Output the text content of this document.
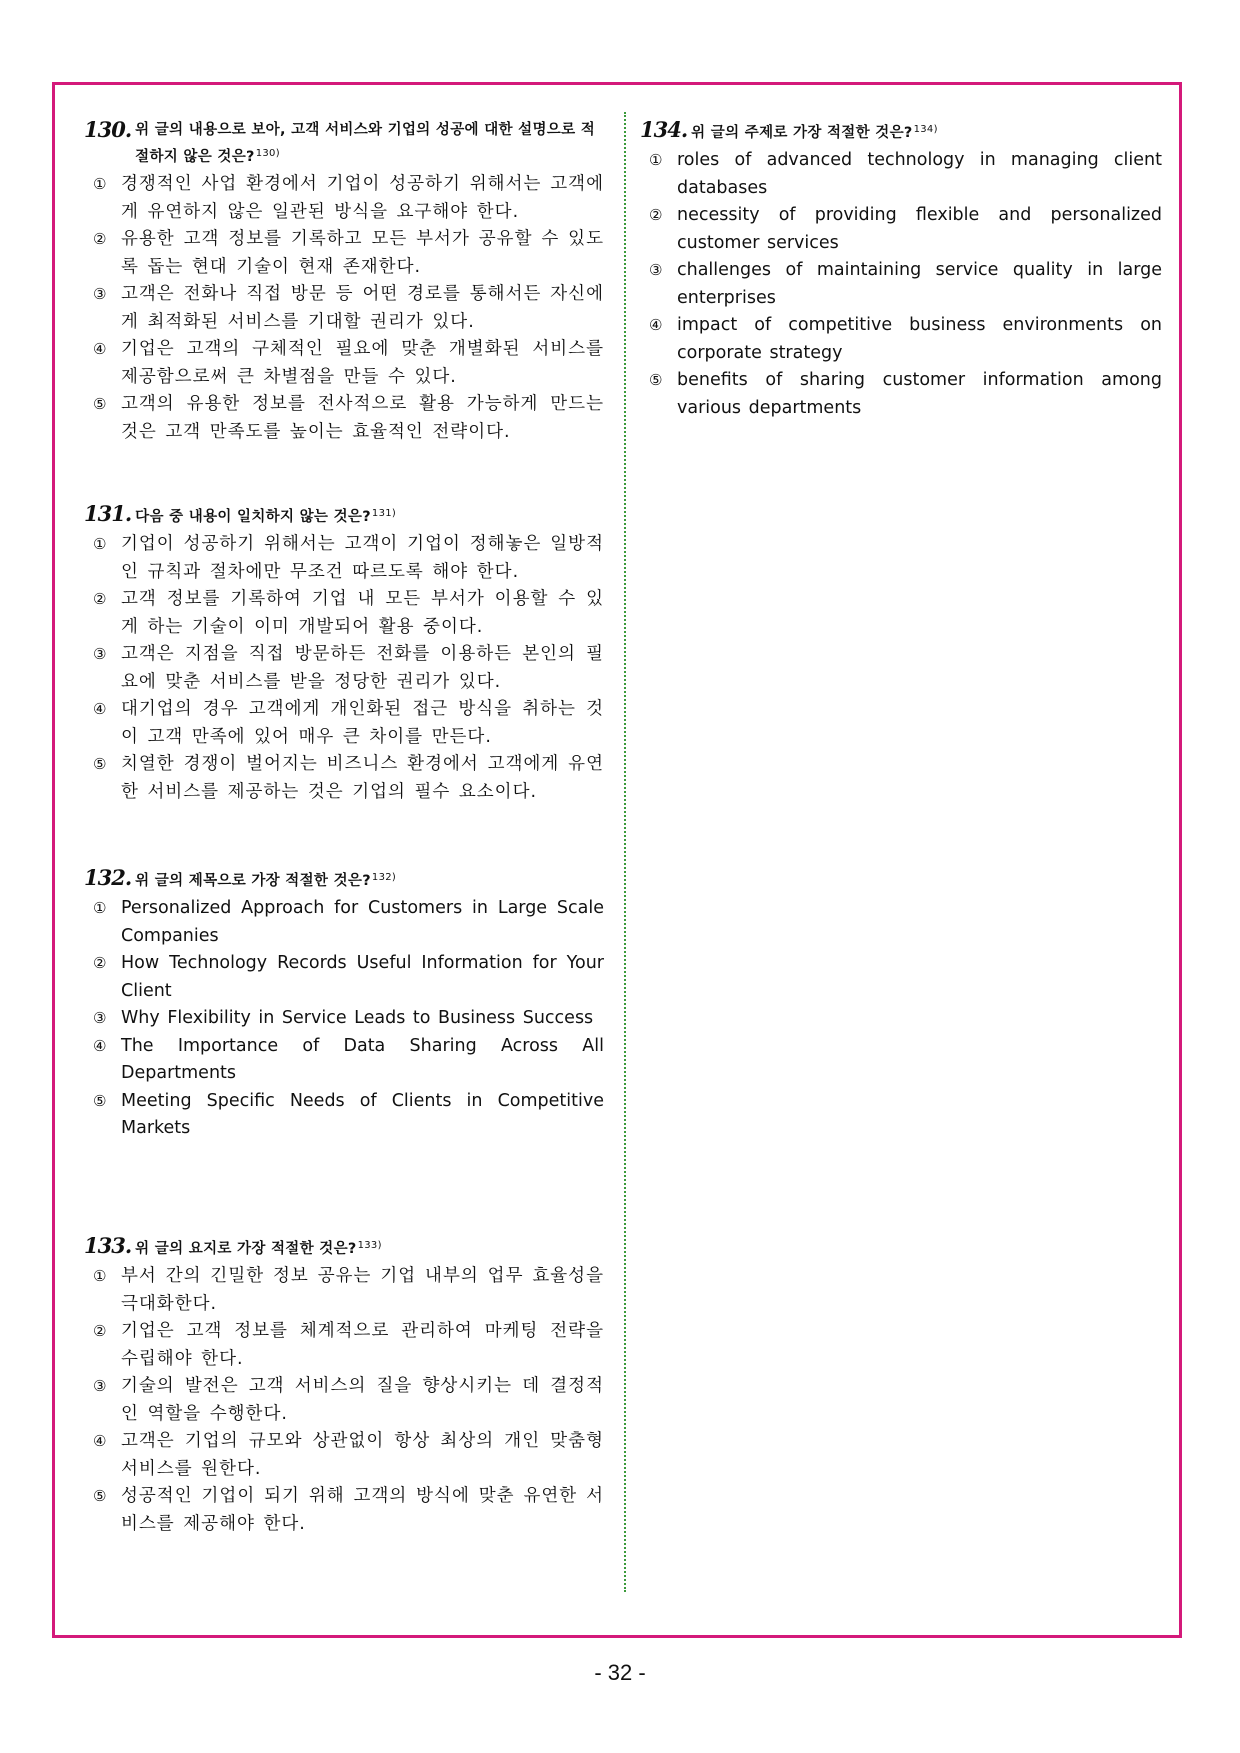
130. 위 글의 내용으로 보아, 고객 서비스와 기업의 성공에 대한 설명으로 적절하지 않은 것은?$^{130)}$
① 경쟁적인 사업 환경에서 기업이 성공하기 위해서는 고객에게 유연하지 않은 일관된 방식을 요구해야 한다.
② 유용한 고객 정보를 기록하고 모든 부서가 공유할 수 있도록 돕는 현대 기술이 현재 존재한다.
③ 고객은 전화나 직접 방문 등 어떤 경로를 통해서든 자신에게 최적화된 서비스를 기대할 권리가 있다.
④ 기업은 고객의 구체적인 필요에 맞춘 개별화된 서비스를 제공함으로써 큰 차별점을 만들 수 있다.
⑤ 고객의 유용한 정보를 전사적으로 활용 가능하게 만드는 것은 고객 만족도를 높이는 효율적인 전략이다.
131. 다음 중 내용이 일치하지 않는 것은?$^{131)}$
① 기업이 성공하기 위해서는 고객이 기업이 정해놓은 일방적인 규칙과 절차에만 무조건 따르도록 해야 한다.
② 고객 정보를 기록하여 기업 내 모든 부서가 이용할 수 있게 하는 기술이 이미 개발되어 활용 중이다.
③ 고객은 지점을 직접 방문하든 전화를 이용하든 본인의 필요에 맞춘 서비스를 받을 정당한 권리가 있다.
④ 대기업의 경우 고객에게 개인화된 접근 방식을 취하는 것이 고객 만족에 있어 매우 큰 차이를 만든다.
⑤ 치열한 경쟁이 벌어지는 비즈니스 환경에서 고객에게 유연한 서비스를 제공하는 것은 기업의 필수 요소이다.
132. 위 글의 제목으로 가장 적절한 것은?$^{132)}$
① Personalized Approach for Customers in Large Scale Companies
② How Technology Records Useful Information for Your Client
③ Why Flexibility in Service Leads to Business Success
④ The Importance of Data Sharing Across All Departments
⑤ Meeting Specific Needs of Clients in Competitive Markets
133. 위 글의 요지로 가장 적절한 것은?$^{133)}$
① 부서 간의 긴밀한 정보 공유는 기업 내부의 업무 효율성을 극대화한다.
② 기업은 고객 정보를 체계적으로 관리하여 마케팅 전략을 수립해야 한다.
③ 기술의 발전은 고객 서비스의 질을 향상시키는 데 결정적인 역할을 수행한다.
④ 고객은 기업의 규모와 상관없이 항상 최상의 개인 맞춤형 서비스를 원한다.
⑤ 성공적인 기업이 되기 위해 고객의 방식에 맞춘 유연한 서비스를 제공해야 한다.
134. 위 글의 주제로 가장 적절한 것은?$^{134)}$
① roles of advanced technology in managing client databases
② necessity of providing flexible and personalized customer services
③ challenges of maintaining service quality in large enterprises
④ impact of competitive business environments on corporate strategy
⑤ benefits of sharing customer information among various departments
- 32 -
